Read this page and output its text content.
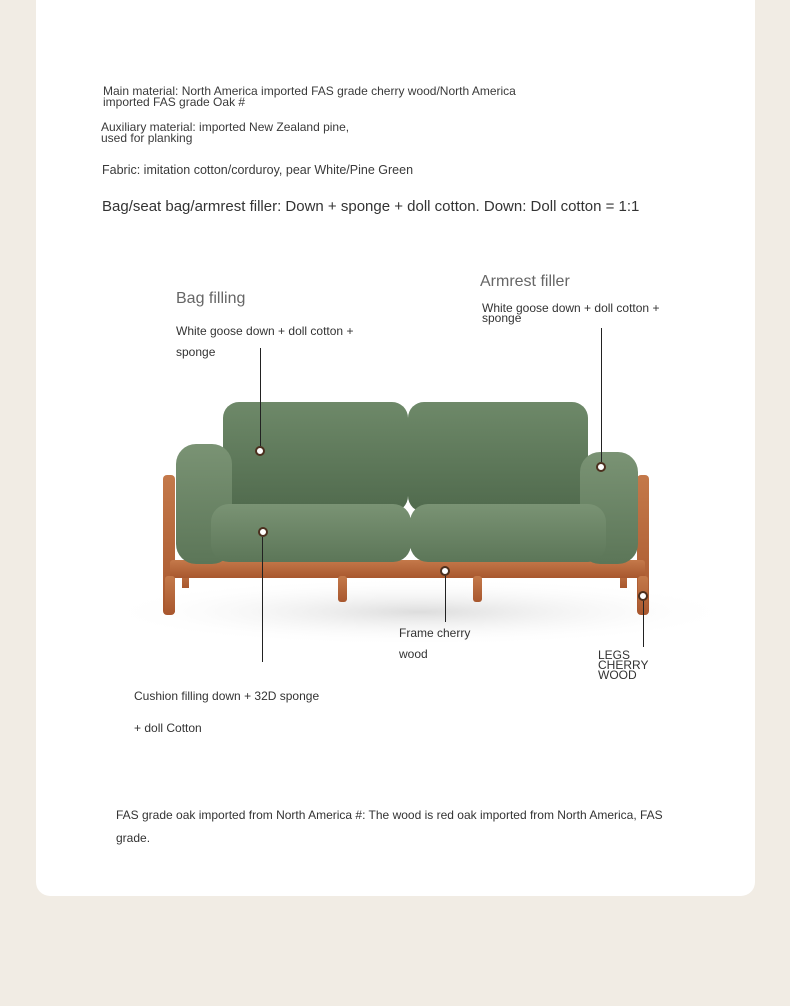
Main material: North America imported FAS grade cherry wood/North America
imported FAS grade Oak #
Auxiliary material: imported New Zealand pine,
used for planking
Fabric: imitation cotton/corduroy, pear White/Pine Green
Bag/seat bag/armrest filler: Down + sponge + doll cotton. Down: Doll cotton = 1:1
Bag filling
White goose down + doll cotton +
sponge
Armrest filler
White goose down + doll cotton +
sponge
Cushion filling down + 32D sponge
+ doll Cotton
Frame cherry
wood	LEGS
CHERRY
WOOD
FAS grade oak imported from North America #: The wood is red oak imported from North America, FAS
grade.
